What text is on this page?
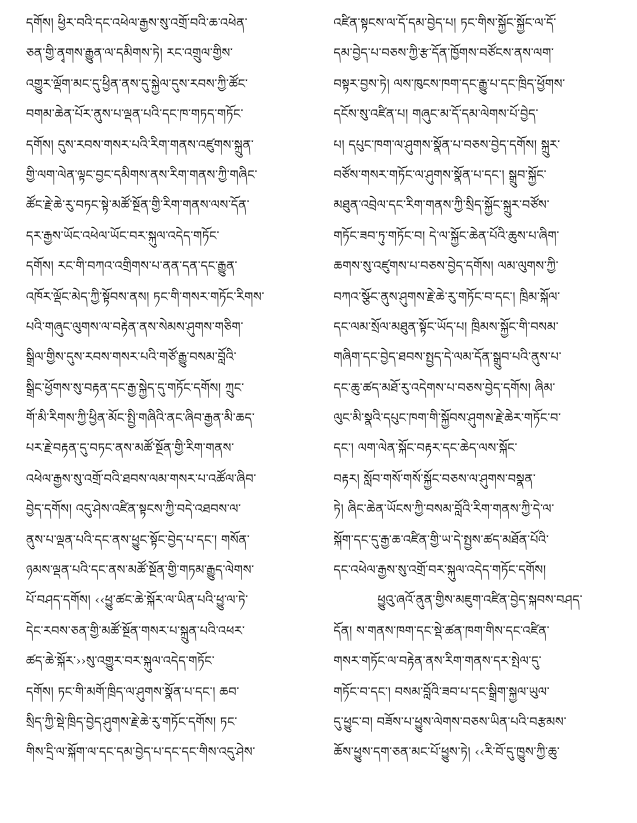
དགོས། ཕྱིར་བའི་དང་འཕེལ་རྒྱས་སུ་འགྲོ་བའི་ཆ་འཕེན་
ཅན་གྱི་ནྭགས་རྒྱུན་ལ་དམིགས་ཏེ། རང་འགྲུལ་གྱིས་
འགྱུར་ལྡོག་མང་དུ་ཕྱིན་ནས་དུ་སྐྱེལ་དུས་རབས་ཀྱི་ཚོང་
བགམ་ཆེན་པོར་ནུས་པ་ལྡན་པའི་དང་ཁ་གཏད་གཏོང་
དགོས། དུས་རབས་གསར་པའི་རིག་གནས་འཛུགས་སྐྲུན་
གྱི་ལག་ལེན་ལྟང་བྱང་དམིགས་ནས་རིག་གནས་ཀྱི་གཞིང་
ཚོང་རྗེ་ཆེ་རུ་བཏང་སྟེ་མཚོ་སྔོན་གྱི་རིག་གནས་ལས་དོན་
དར་རྒྱས་ཡོང་འཕེལ་ཡོང་བར་སྐུལ་འདེད་གཏོང་
དགོས། རང་གི་བཀའ་འགྲིགས་པ་ནན་དན་དང་རྒྱུན་
འཁོར་ལྡོང་མེད་ཀྱི་སྟོབས་ནས། ཏང་གི་གསར་གཏོང་རིགས་
པའི་གཞུང་ལུགས་ལ་བརྟེན་ནས་སེམས་ཤུགས་གཅིག་
སྒྲིལ་གྱིས་དུས་རབས་གསར་པའི་གཙོ་རྒྱུ་བསམ་བློའི་
སྒྲིང་ཕྱོགས་སུ་བརྟན་དང་རྒྱ་སྐྱེད་དུ་གཏོང་དགོས། ཀྲུང་
གོ་མི་རིགས་ཀྱི་ཕྱིན་མོང་སྤྱི་གཞིའི་ནང་ཞིབ་རྒྱན་མི་ཆད་
པར་རྗེ་བརྟན་དུ་བཏང་ནས་མཚོ་སྔོན་གྱི་རིག་གནས་
འཕེལ་རྒྱས་སུ་འགྲོ་བའི་ཐབས་ལམ་གསར་པ་འཚོལ་ཞིབ་
བྱེད་དགོས། འདུ་ཤེས་འཛིན་སྟངས་ཀྱི་བདེ་འཐབས་ལ་
ནུས་པ་ལྡན་པའི་དང་ནས་ཕྱུང་སྟོང་བྱེད་པ་དང་། གསོན་
ཉམས་ལྡན་པའི་དང་ནས་མཚོ་སྔོན་གྱི་གཏམ་རྒྱུད་ལེགས་
པོ་བཤད་དགོས། ‹‹ཕྱུ་ཚང་ཆེ་སྐོར་ལ་ཡིན་པའི་ཕྱུ་ལ་ཏེ་
དེང་རབས་ཅན་གྱི་མཚོ་སྔོན་གསར་པ་སྐྲུན་པའི་འཕར་
ཚད་ཆེ་སྐོར་››སུ་འགྱུར་བར་སྐུལ་འདེད་གཏོང་
དགོས། ཏང་གི་མགོ་ཁྲིད་ལ་ཤུགས་སྣོན་པ་དང་། ཆབ་
སྲིད་ཀྱི་སྡེ་ཁྲིད་བྱེད་ཤུགས་རྗེ་ཆེ་རུ་གཏོང་དགོས། ཏང་
གིས་དྲི་ལ་སྐོག་ལ་དང་དམ་བྱེད་པ་དང་དང་གིས་འདུ་ཤེས་
འཛིན་སྟངས་ལ་དོ་དམ་བྱེད་པ། ཏང་གིས་སྐྱོང་སྐྱོང་ལ་དོ་
དམ་བྱེད་པ་བཅས་ཀྱི་རྩ་དོན་ཁྱོགས་བཙོངས་ནས་ལག་
བསྟར་བྱས་ཏེ། ལས་ཁུངས་ཁག་དང་རྒྱུ་པ་དང་ཁྲིད་ཕྱོགས་
དངོས་སུ་འཛིན་པ། གཞུང་མ་དོ་དམ་ལེགས་པོ་བྱེད་
པ། དཔུང་ཁག་ལ་ཤུགས་སྣོན་པ་བཅས་བྱེད་དགོས། སྐྲུར་
བཙོས་གསར་གཏོང་ལ་ཤུགས་སྣོན་པ་དང་། སྒྲུབ་སྐྱོང་
མཐུན་འབྲེལ་དང་རིག་གནས་ཀྱི་སྲིད་སྐྱོང་སྐྲུར་བཙོས་
གཏོང་ཟབ་ཏུ་གཏོང་བ། དེ་ལ་སྐྱོང་ཆེན་པོའི་ཆུས་པ་ཞིག་
ཆགས་སུ་འཛུགས་པ་བཅས་བྱེད་དགོས། ལམ་ལུགས་ཀྱི་
བཀའ་སྩོང་ནུས་ཤུགས་རྗེ་ཆེ་རུ་གཏོང་བ་དང་། ཁྲིམ་སྐོལ་
དང་ལམ་སྲོལ་མཐུན་སྟོང་ཡོད་པ། ཁྲིམས་སྐྱོང་གི་བསམ་
གཞིག་དང་བྱེད་ཐབས་སྤྱད་དེ་ལམ་དོན་སྒྲུབ་པའི་ནུས་པ་
དང་ཆུ་ཚད་མཐོ་རུ་འདེགས་པ་བཅས་བྱེད་དགོས། ཞིམ་
ལུང་མི་སྣའི་དཔུང་ཁག་གི་སྐྱོབས་ཤུགས་རྗེ་ཆེར་གཏོང་བ་
དང་། ལག་ལེན་སྐོང་བརྟར་དང་ཆེད་ལས་སྐོང་
བརྟར། སློབ་གསོ་གསོ་སྐྱོང་བཅས་ལ་ཤུགས་བསྣན་
ཏེ། ཞིང་ཆེན་ཡོངས་ཀྱི་བསམ་བློའི་རིག་གནས་ཀྱི་དེ་ལ་
སྐོག་དང་དུ་རྒྱ་ཆ་འཛིན་གྱི་ཡ་དེ་སྤྱས་ཚད་མཐོན་པོའི་
དང་འཕེལ་རྒྱས་སུ་འགྲོ་བར་སྐུལ་འདེད་གཏོང་དགོས།
ཕྱུའུ་ཞའོ་ནུན་གྱིས་མཇུག་འཛིན་བྱེད་སྐབས་བཤད་
དོན། ས་གནས་ཁག་དང་སྡེ་ཚན་ཁག་གིས་དང་འཛིན་
གསར་གཏོང་ལ་བརྟེན་ནས་རིག་གནས་དར་སྤེལ་དུ་
གཏོང་བ་དང་། བསམ་བློའི་ཟབ་པ་དང་སྒྲིག་སྐྱལ་ཡུལ་
དུ་ཕྱུང་བ། བཟོས་པ་ཕྱུས་ལེགས་བཅས་ཡིན་པའི་བརྩམས་
ཆོས་ཕྱུས་དག་ཅན་མང་པོ་ཕྱུས་ཏེ། ‹‹རི་བོ་དུ་ཁྱུས་ཀྱི་ཆུ་
